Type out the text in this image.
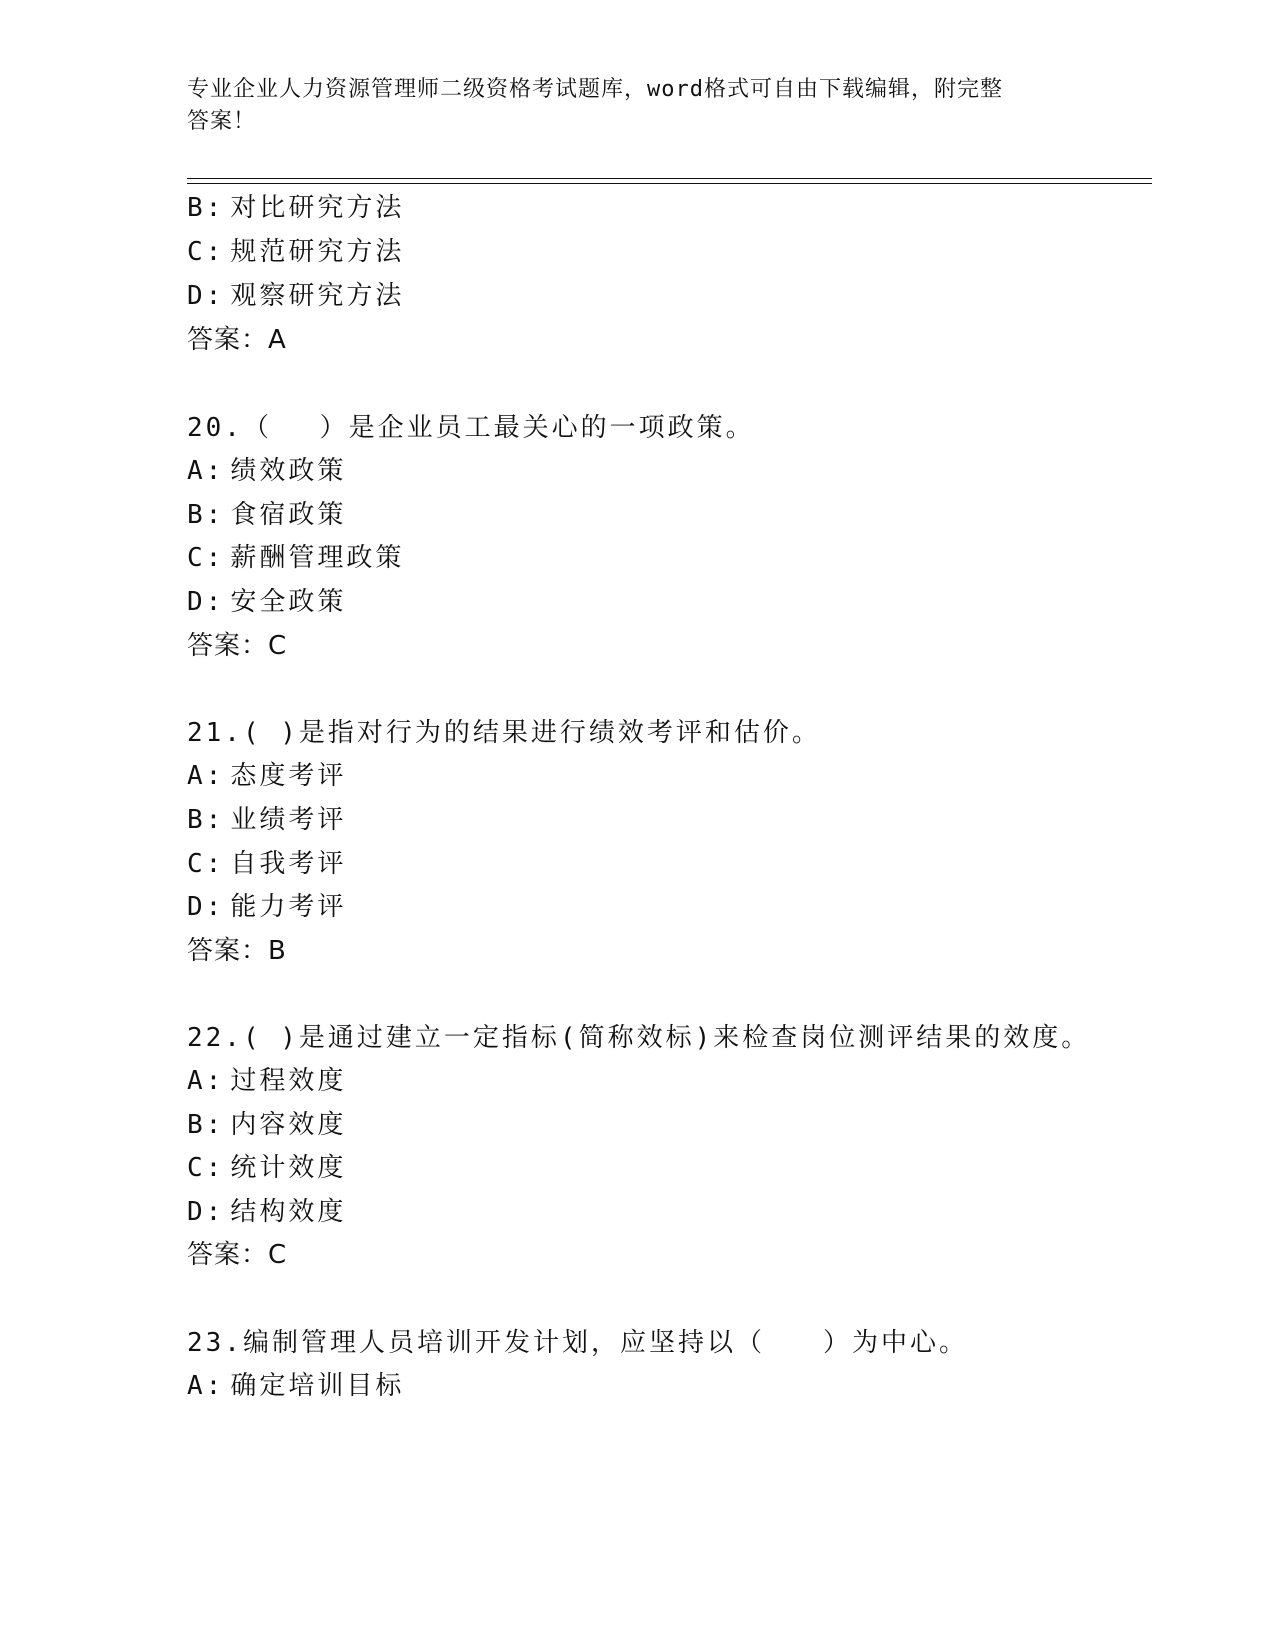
专业企业人力资源管理师二级资格考试题库，word格式可自由下载编辑，附完整
答案！
B: 对比研究方法
C: 规范研究方法
D: 观察研究方法
答案：A
20.（　 ）是企业员工最关心的一项政策。
A: 绩效政策
B: 食宿政策
C: 薪酬管理政策
D: 安全政策
答案：C
21.( )是指对行为的结果进行绩效考评和估价。
A: 态度考评
B: 业绩考评
C: 自我考评
D: 能力考评
答案：B
22.( )是通过建立一定指标(简称效标)来检查岗位测评结果的效度。
A: 过程效度
B: 内容效度
C: 统计效度
D: 结构效度
答案：C
23.编制管理人员培训开发计划，应坚持以（　　）为中心。
A: 确定培训目标
